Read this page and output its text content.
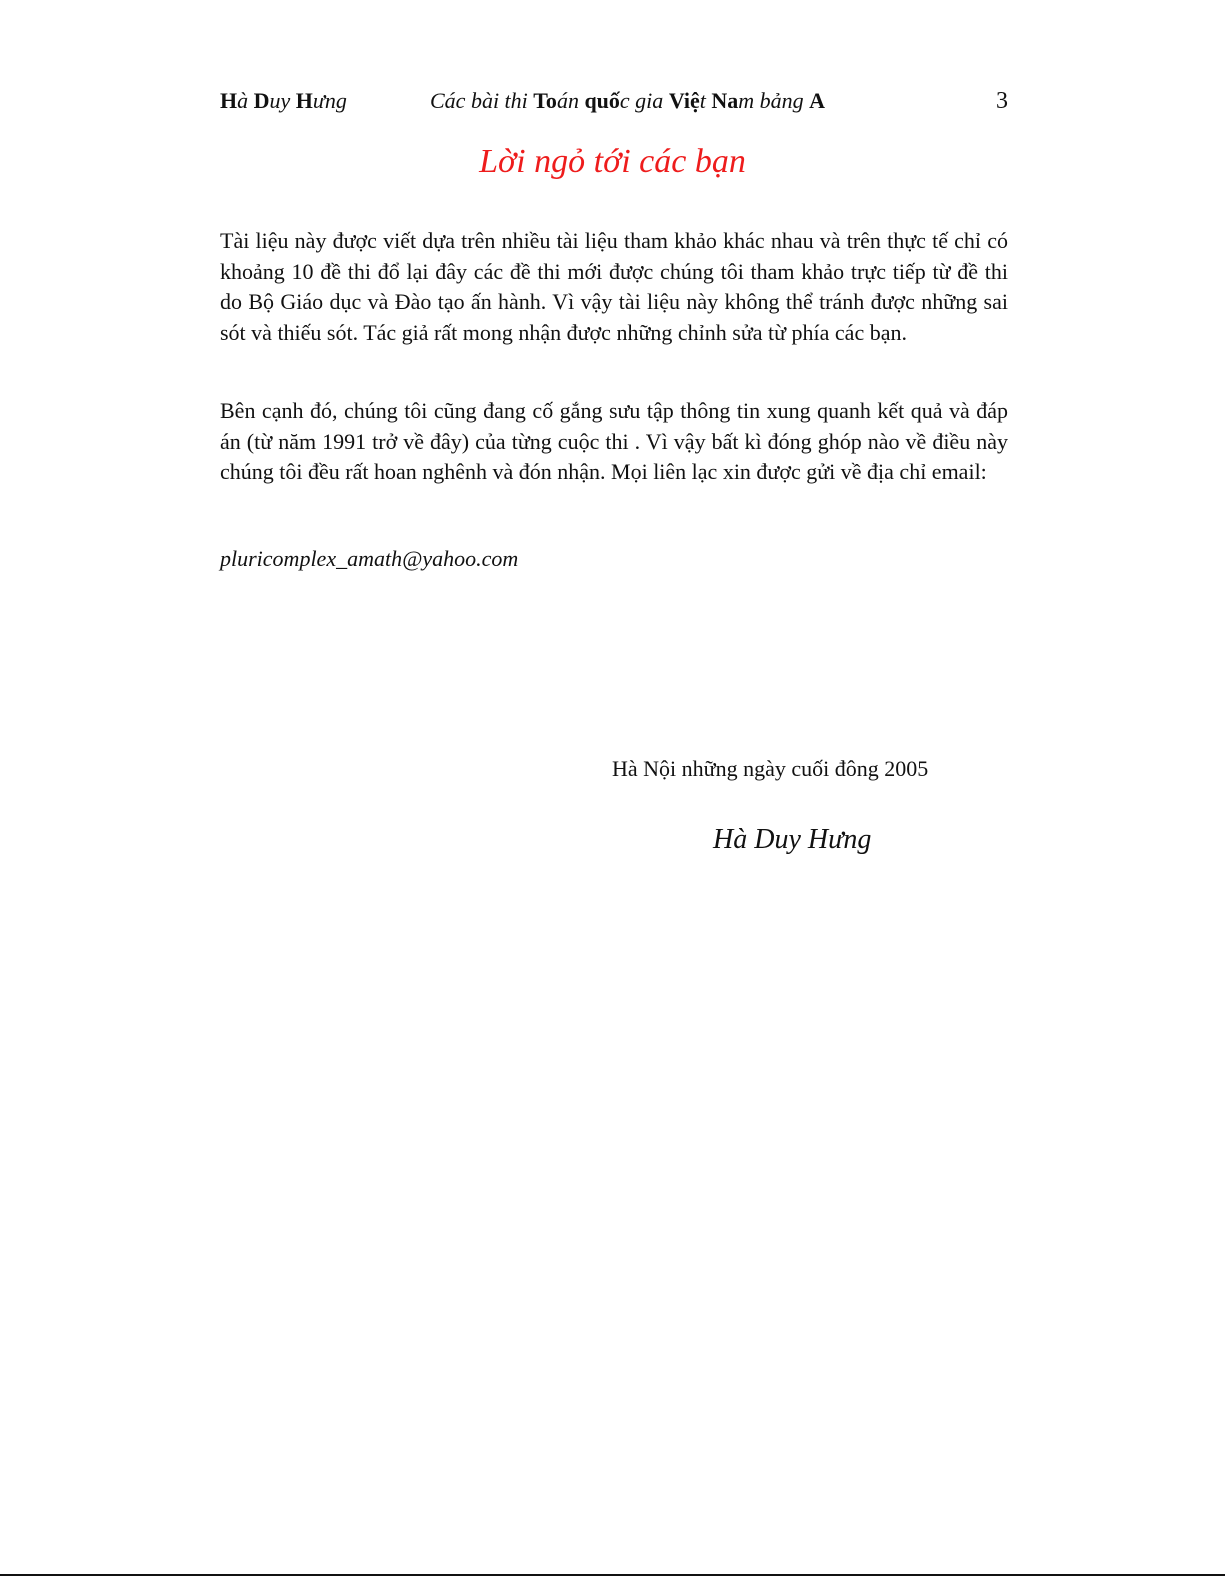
Hà Duy Hưng	Các bài thi Toán quốc gia Việt Nam bảng A	3
Lời ngỏ tới các bạn

Tài liệu này được viết dựa trên nhiều tài liệu tham khảo khác nhau và trên thực tế chỉ có khoảng 10 đề thi đổ lại đây các đề thi mới được chúng tôi tham khảo trực tiếp từ đề thi do Bộ Giáo dục và Đào tạo ấn hành. Vì vậy tài liệu này không thể tránh được những sai sót và thiếu sót. Tác giả rất mong nhận được những chỉnh sửa từ phía các bạn.

Bên cạnh đó, chúng tôi cũng đang cố gắng sưu tập thông tin xung quanh kết quả và đáp án (từ năm 1991 trở về đây) của từng cuộc thi . Vì vậy bất kì đóng ghóp nào về điều này chúng tôi đều rất hoan nghênh và đón nhận. Mọi liên lạc xin được gửi về địa chỉ email:

pluricomplex_amath@yahoo.com
Hà Nội những ngày cuối đông 2005
Hà Duy Hưng
